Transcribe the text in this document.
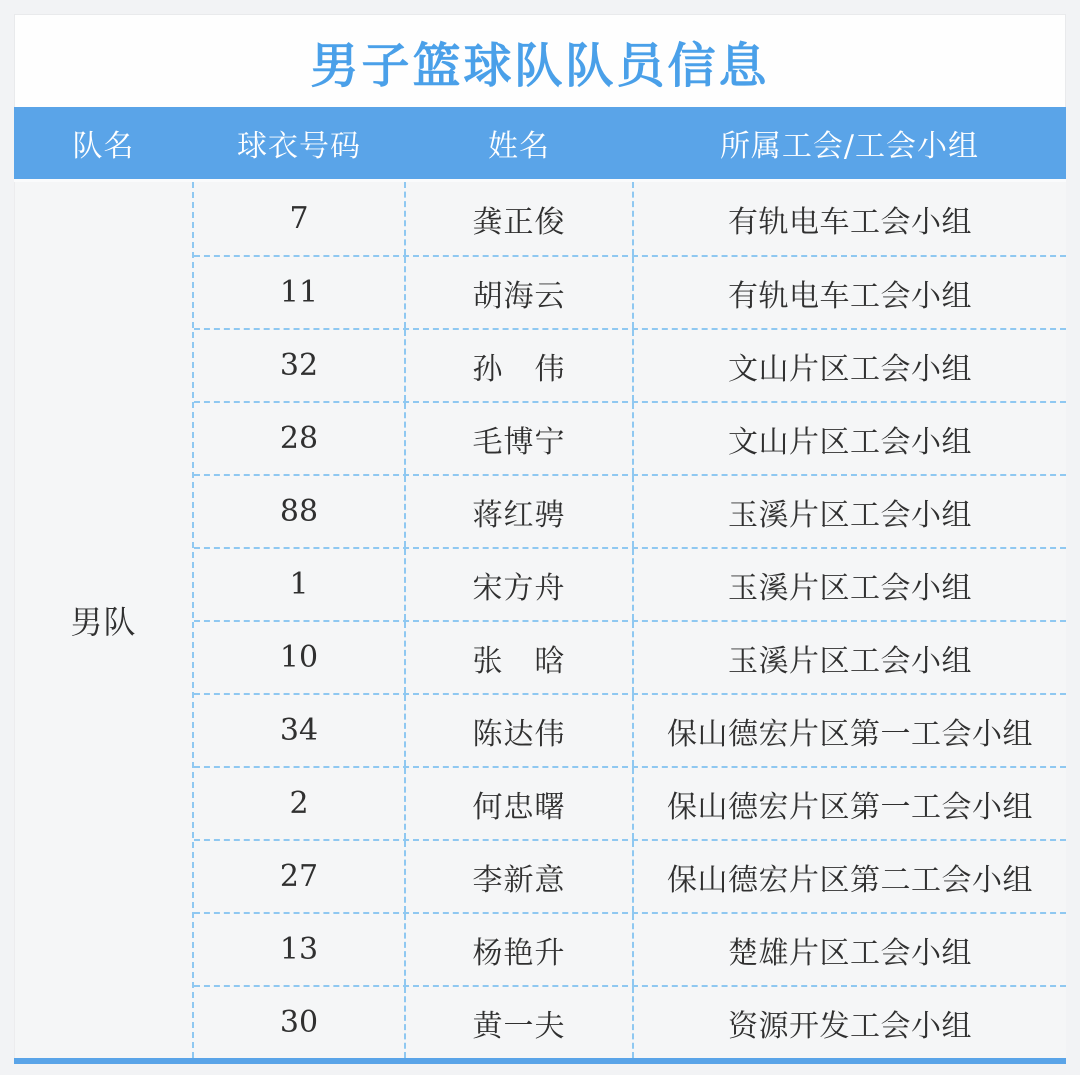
男子篮球队队员信息
队名	球衣号码	姓名	所属工会/工会小组
男队
7	龚正俊	有轨电车工会小组
11	胡海云	有轨电车工会小组
32	孙　伟	文山片区工会小组
28	毛博宁	文山片区工会小组
88	蒋红骋	玉溪片区工会小组
1	宋方舟	玉溪片区工会小组
10	张　晗	玉溪片区工会小组
34	陈达伟	保山德宏片区第一工会小组
2	何忠曙	保山德宏片区第一工会小组
27	李新意	保山德宏片区第二工会小组
13	杨艳升	楚雄片区工会小组
30	黄一夫	资源开发工会小组
